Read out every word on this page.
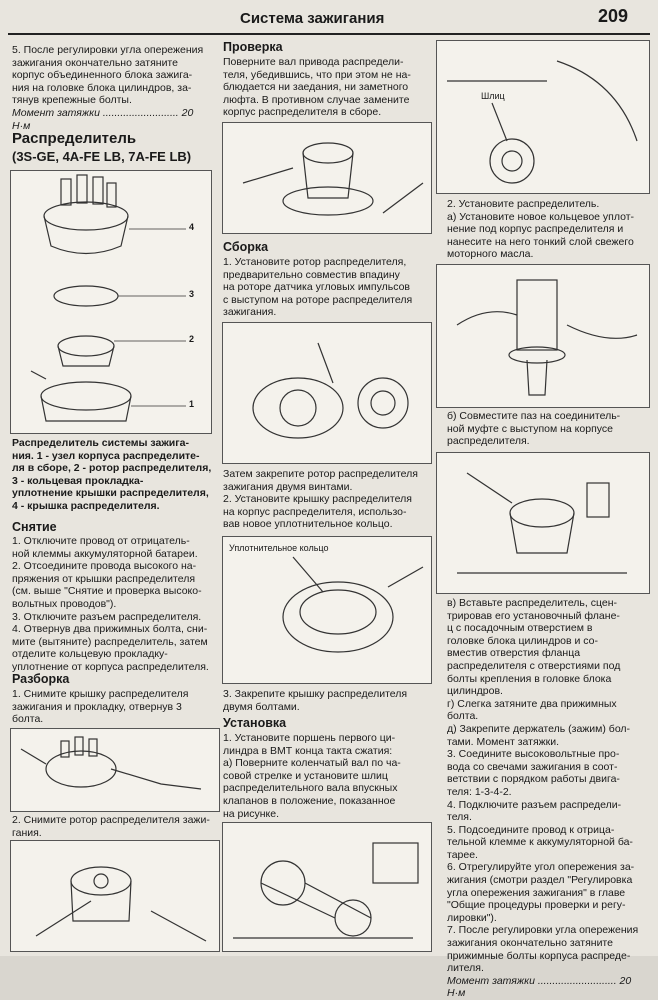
Система зажигания	209
5. После регулировки угла опережения
зажигания окончательно затяните
корпус объединенного блока зажига-
ния на головке блока цилиндров, за-
тянув крепежные болты.
Момент затяжки .......................... 20 Н·м
Распределитель
(3S-GE, 4A-FE LB, 7A-FE LB)
4
3
2
1
Распределитель системы зажига-
ния. 1 - узел корпуса распределите-
ля в сборе, 2 - ротор распределителя,
3 - кольцевая прокладка-
уплотнение крышки распределителя,
4 - крышка распределителя.
Снятие
1. Отключите провод от отрицатель-
ной клеммы аккумуляторной батареи.
2. Отсоедините провода высокого на-
пряжения от крышки распределителя
(см. выше "Снятие и проверка высоко-
вольтных проводов").
3. Отключите разъем распределителя.
4. Отвернув два прижимных болта, сни-
мите (вытяните) распределитель, затем
отделите кольцевую прокладку-
уплотнение от корпуса распределителя.
Разборка
1. Снимите крышку распределителя
зажигания и прокладку, отвернув 3
болта.
2. Снимите ротор распределителя зажи-
гания.
Проверка
Поверните вал привода распредели-
теля, убедившись, что при этом не на-
блюдается ни заедания, ни заметного
люфта. В противном случае замените
корпус распределителя в сборе.
Сборка
1. Установите ротор распределителя,
предварительно совместив впадину
на роторе датчика угловых импульсов
с выступом на роторе распределителя
зажигания.
Затем закрепите ротор распределителя
зажигания двумя винтами.
2. Установите крышку распределителя
на корпус распределителя, использо-
вав новое уплотнительное кольцо.
Уплотнительное кольцо
3. Закрепите крышку распределителя
двумя болтами.
Установка
1. Установите поршень первого ци-
линдра в ВМТ конца такта сжатия:
а) Поверните коленчатый вал по ча-
совой стрелке и установите шлиц
распределительного вала впускных
клапанов в положение, показанное
на рисунке.
Шлиц
2. Установите распределитель.
а) Установите новое кольцевое уплот-
нение под корпус распределителя и
нанесите на него тонкий слой свежего
моторного масла.
б) Совместите паз на соединитель-
ной муфте с выступом на корпусе
распределителя.
в) Вставьте распределитель, сцен-
трировав его установочный флане-
ц с посадочным отверстием в
головке блока цилиндров и со-
вместив отверстия фланца
распределителя с отверстиями под
болты крепления в головке блока
цилиндров.
г) Слегка затяните два прижимных
болта.
д) Закрепите держатель (зажим) бол-
тами. Момент затяжки.
3. Соедините высоковольтные про-
вода со свечами зажигания в соот-
ветствии с порядком работы двига-
теля: 1-3-4-2.
4. Подключите разъем распредели-
теля.
5. Подсоедините провод к отрица-
тельной клемме к аккумуляторной ба-
тарее.
6. Отрегулируйте угол опережения за-
жигания (смотри раздел "Регулировка
угла опережения зажигания" в главе
"Общие процедуры проверки и регу-
лировки").
7. После регулировки угла опережения
зажигания окончательно затяните
прижимные болты корпуса распреде-
лителя.
Момент затяжки ........................... 20 Н·м
